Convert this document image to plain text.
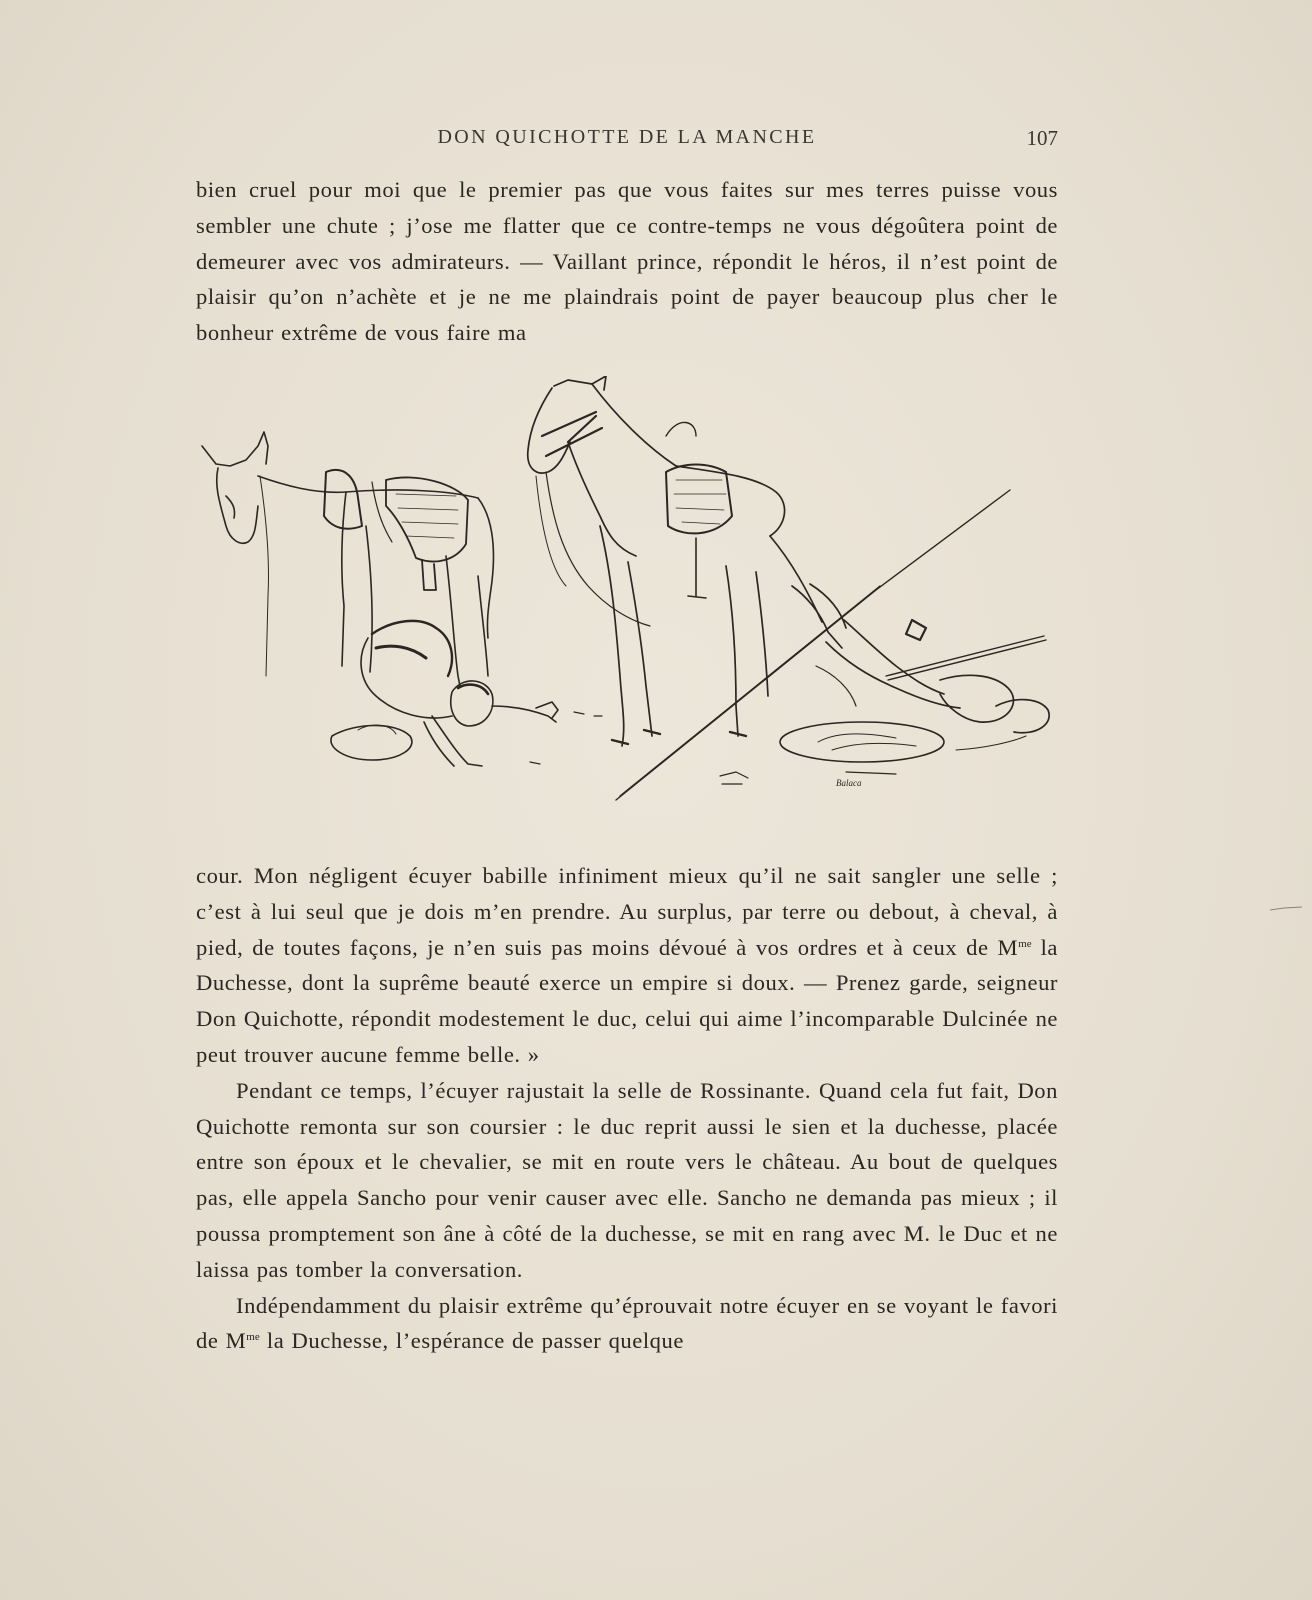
DON QUICHOTTE DE LA MANCHE	107

bien cruel pour moi que le premier pas que vous faites sur mes terres puisse vous sembler une chute ; j’ose me flatter que ce contre-temps ne vous dégoûtera point de demeurer avec vos admirateurs. — Vaillant prince, répondit le héros, il n’est point de plaisir qu’on n’achète et je ne me plaindrais point de payer beaucoup plus cher le bonheur extrême de vous faire ma

Balaca

cour. Mon négligent écuyer babille infiniment mieux qu’il ne sait sangler une selle ; c’est à lui seul que je dois m’en prendre. Au surplus, par terre ou debout, à cheval, à pied, de toutes façons, je n’en suis pas moins dévoué à vos ordres et à ceux de $M^{me}$ la Duchesse, dont la suprême beauté exerce un empire si doux. — Prenez garde, seigneur Don Quichotte, répondit modestement le duc, celui qui aime l’incomparable Dulcinée ne peut trouver aucune femme belle. »

Pendant ce temps, l’écuyer rajustait la selle de Rossinante. Quand cela fut fait, Don Quichotte remonta sur son coursier : le duc reprit aussi le sien et la duchesse, placée entre son époux et le chevalier, se mit en route vers le château. Au bout de quelques pas, elle appela Sancho pour venir causer avec elle. Sancho ne demanda pas mieux ; il poussa promptement son âne à côté de la duchesse, se mit en rang avec M. le Duc et ne laissa pas tomber la conversation.

Indépendamment du plaisir extrême qu’éprouvait notre écuyer en se voyant le favori de $M^{me}$ la Duchesse, l’espérance de passer quelque
